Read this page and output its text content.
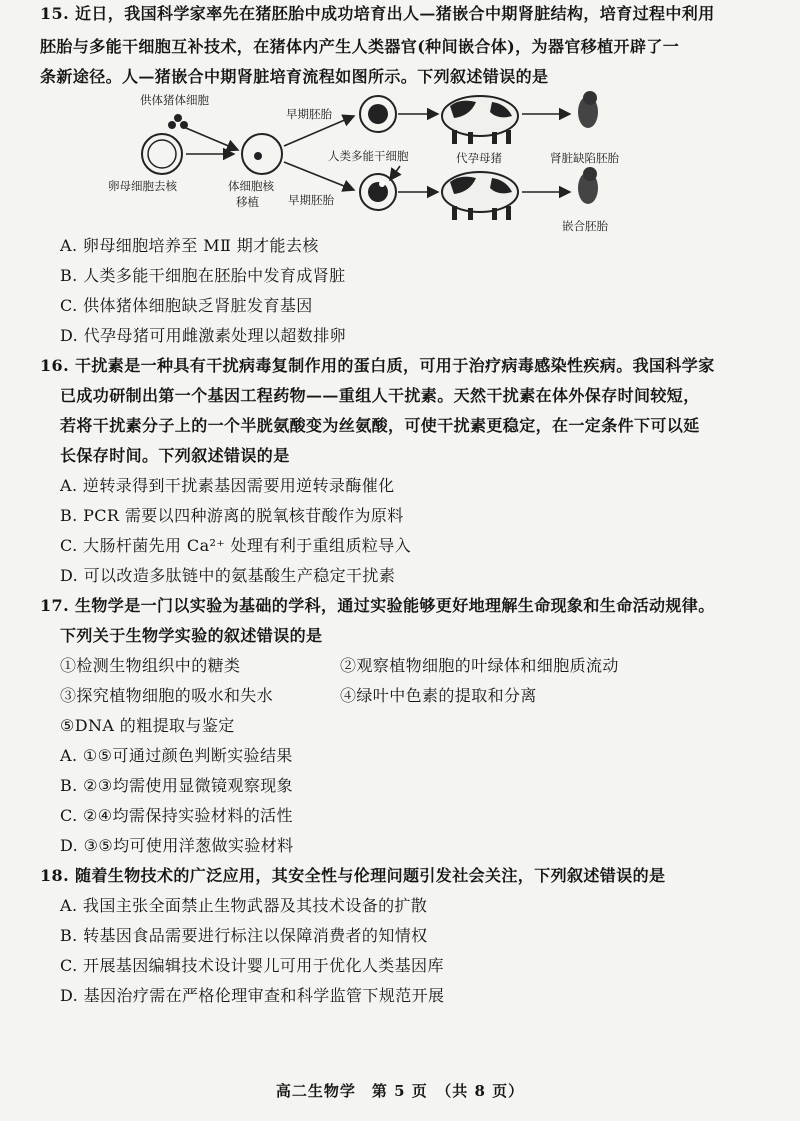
15. 近日，我国科学家率先在猪胚胎中成功培育出人—猪嵌合中期肾脏结构，培育过程中利用
胚胎与多能干细胞互补技术，在猪体内产生人类器官(种间嵌合体)，为器官移植开辟了一
条新途径。人—猪嵌合中期肾脏培育流程如图所示。下列叙述错误的是
供体猪体细胞
卵母细胞去核	体细胞核
移植
早期胚胎
早期胚胎
人类多能干细胞	代孕母猪	肾脏缺陷胚胎
嵌合胚胎
A. 卵母细胞培养至 MⅡ 期才能去核
B. 人类多能干细胞在胚胎中发育成肾脏
C. 供体猪体细胞缺乏肾脏发育基因
D. 代孕母猪可用雌激素处理以超数排卵
16. 干扰素是一种具有干扰病毒复制作用的蛋白质，可用于治疗病毒感染性疾病。我国科学家
已成功研制出第一个基因工程药物——重组人干扰素。天然干扰素在体外保存时间较短，
若将干扰素分子上的一个半胱氨酸变为丝氨酸，可使干扰素更稳定，在一定条件下可以延
长保存时间。下列叙述错误的是
A. 逆转录得到干扰素基因需要用逆转录酶催化
B. PCR 需要以四种游离的脱氧核苷酸作为原料
C. 大肠杆菌先用 Ca²⁺ 处理有利于重组质粒导入
D. 可以改造多肽链中的氨基酸生产稳定干扰素
17. 生物学是一门以实验为基础的学科，通过实验能够更好地理解生命现象和生命活动规律。
下列关于生物学实验的叙述错误的是
①检测生物组织中的糖类	②观察植物细胞的叶绿体和细胞质流动
③探究植物细胞的吸水和失水	④绿叶中色素的提取和分离
⑤DNA 的粗提取与鉴定
A. ①⑤可通过颜色判断实验结果
B. ②③均需使用显微镜观察现象
C. ②④均需保持实验材料的活性
D. ③⑤均可使用洋葱做实验材料
18. 随着生物技术的广泛应用，其安全性与伦理问题引发社会关注，下列叙述错误的是
A. 我国主张全面禁止生物武器及其技术设备的扩散
B. 转基因食品需要进行标注以保障消费者的知情权
C. 开展基因编辑技术设计婴儿可用于优化人类基因库
D. 基因治疗需在严格伦理审查和科学监管下规范开展
高二生物学　第 5 页　（共 8 页）
